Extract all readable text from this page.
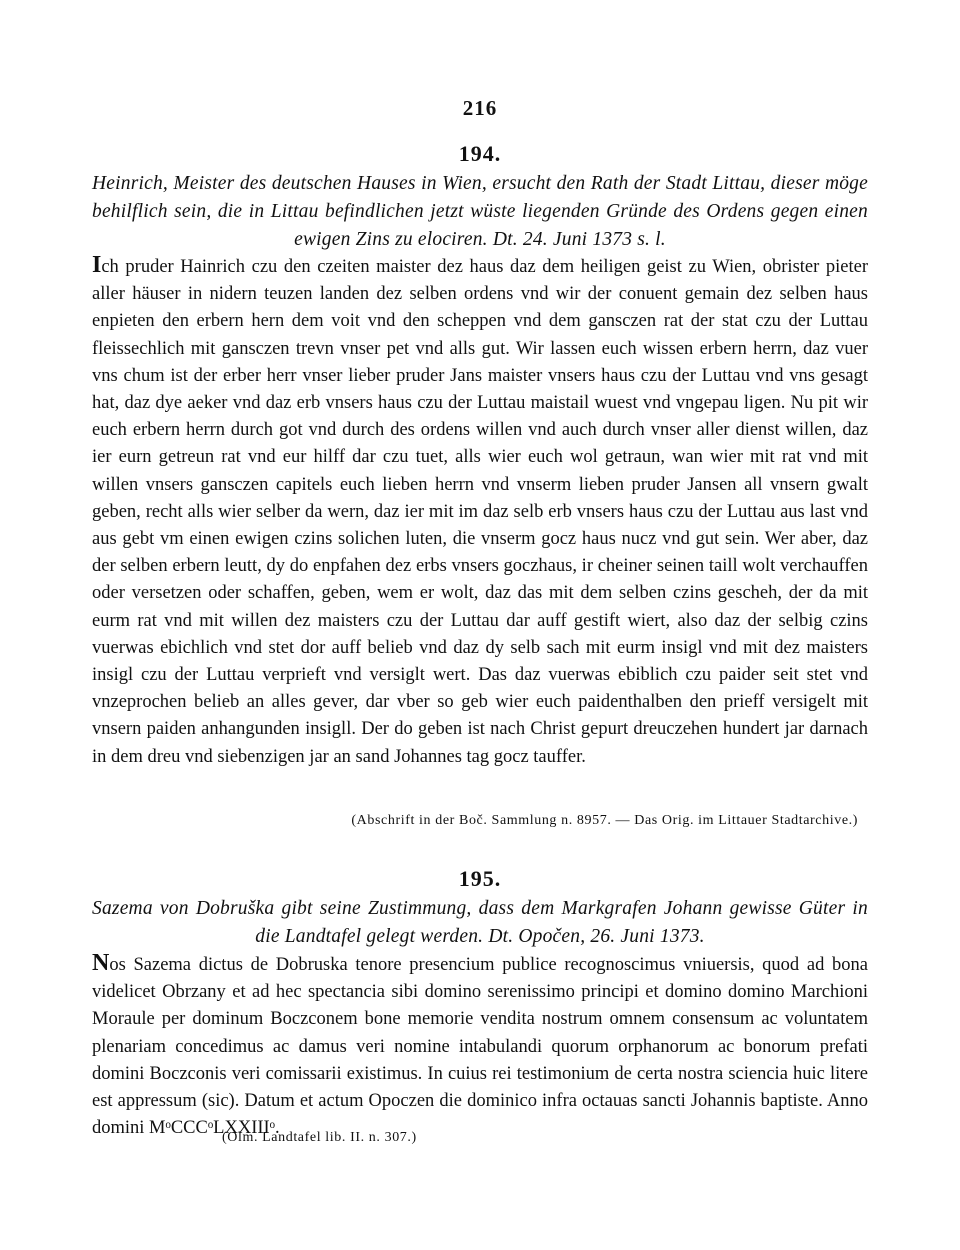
216
194.
Heinrich, Meister des deutschen Hauses in Wien, ersucht den Rath der Stadt Littau, dieser möge behilflich sein, die in Littau befindlichen jetzt wüste liegenden Gründe des Ordens gegen einen ewigen Zins zu elociren. Dt. 24. Juni 1373 s. l.
Ich pruder Hainrich czu den czeiten maister dez haus daz dem heiligen geist zu Wien, obrister pieter aller häuser in nidern teuzen landen dez selben ordens vnd wir der conuent gemain dez selben haus enpieten den erbern hern dem voit vnd den scheppen vnd dem gansczen rat der stat czu der Luttau fleissechlich mit gansczen trevn vnser pet vnd alls gut. Wir lassen euch wissen erbern herrn, daz vuer vns chum ist der erber herr vnser lieber pruder Jans maister vnsers haus czu der Luttau vnd vns gesagt hat, daz dye aeker vnd daz erb vnsers haus czu der Luttau maistail wuest vnd vngepau ligen. Nu pit wir euch erbern herrn durch got vnd durch des ordens willen vnd auch durch vnser aller dienst willen, daz ier eurn getreun rat vnd eur hilff dar czu tuet, alls wier euch wol getraun, wan wier mit rat vnd mit willen vnsers gansczen capitels euch lieben herrn vnd vnserm lieben pruder Jansen all vnsern gwalt geben, recht alls wier selber da wern, daz ier mit im daz selb erb vnsers haus czu der Luttau aus last vnd aus gebt vm einen ewigen czins solichen luten, die vnserm gocz haus nucz vnd gut sein. Wer aber, daz der selben erbern leutt, dy do enpfahen dez erbs vnsers goczhaus, ir cheiner seinen taill wolt verchauffen oder versetzen oder schaffen, geben, wem er wolt, daz das mit dem selben czins gescheh, der da mit eurm rat vnd mit willen dez maisters czu der Luttau dar auff gestift wiert, also daz der selbig czins vuerwas ebichlich vnd stet dor auff belieb vnd daz dy selb sach mit eurm insigl vnd mit dez maisters insigl czu der Luttau verprieft vnd versiglt wert. Das daz vuerwas ebiblich czu paider seit stet vnd vnzeprochen belieb an alles gever, dar vber so geb wier euch paidenthalben den prieff versigelt mit vnsern paiden anhangunden insigll. Der do geben ist nach Christ gepurt dreuczehen hundert jar darnach in dem dreu vnd siebenzigen jar an sand Johannes tag gocz tauffer.
(Abschrift in der Boč. Sammlung n. 8957. — Das Orig. im Littauer Stadtarchive.)
195.
Sazema von Dobruška gibt seine Zustimmung, dass dem Markgrafen Johann gewisse Güter in die Landtafel gelegt werden. Dt. Opočen, 26. Juni 1373.
Nos Sazema dictus de Dobruska tenore presencium publice recognoscimus vniuersis, quod ad bona videlicet Obrzany et ad hec spectancia sibi domino serenissimo principi et domino domino Marchioni Moraule per dominum Boczconem bone memorie vendita nostrum omnem consensum ac voluntatem plenariam concedimus ac damus veri nomine intabulandi quorum orphanorum ac bonorum prefati domini Boczconis veri comissarii existimus. In cuius rei testimonium de certa nostra sciencia huic litere est appressum (sic). Datum et actum Opoczen die dominico infra octauas sancti Johannis baptiste. Anno domini MᵒCCCᵒLXXIIIᵒ.
(Olm. Landtafel lib. II. n. 307.)
